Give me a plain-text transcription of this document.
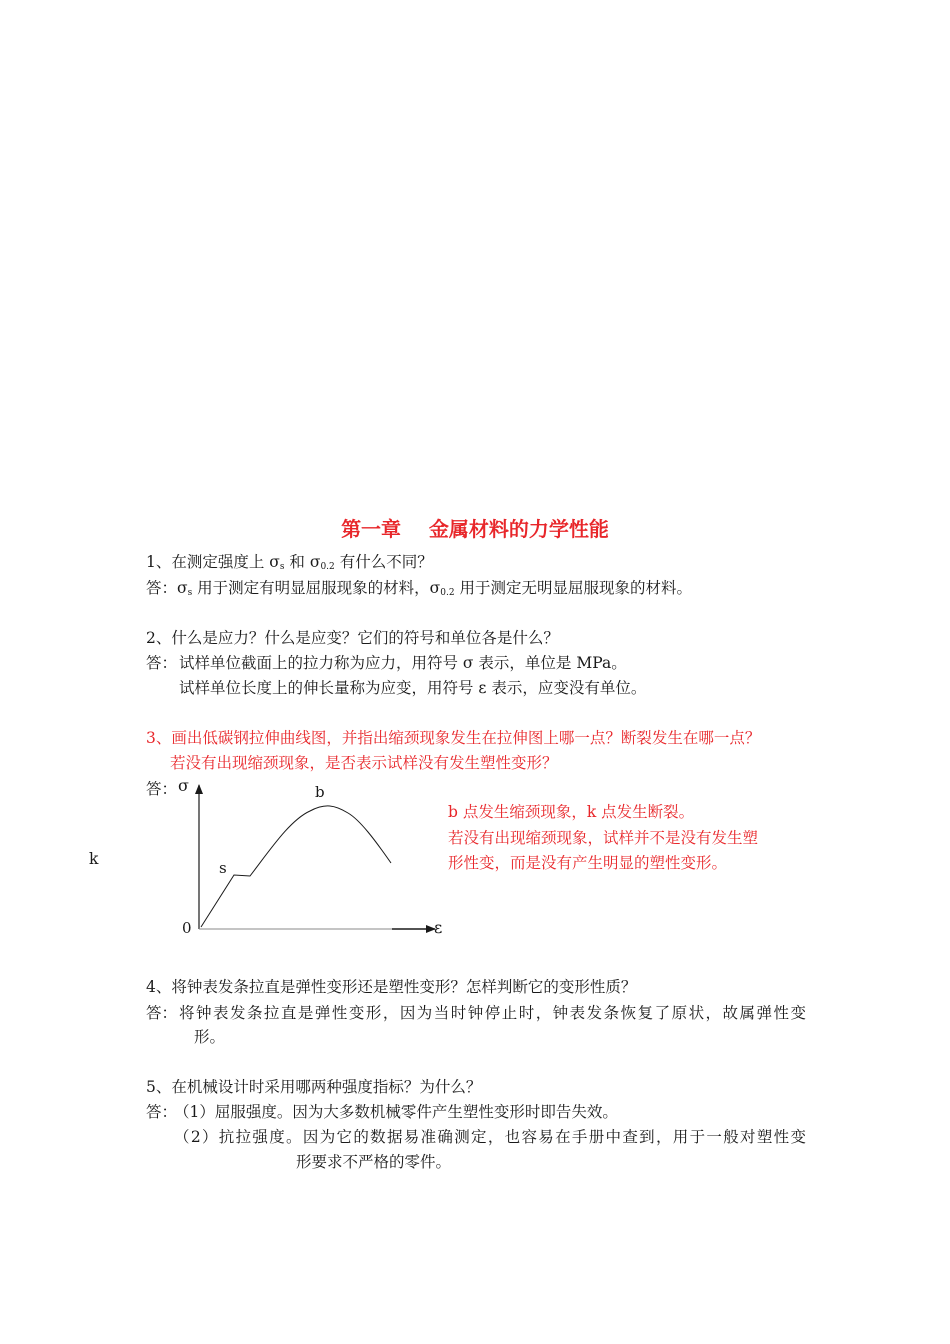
第一章    金属材料的力学性能
1、在测定强度上 $\sigma_s$ 和 $\sigma_{0.2}$ 有什么不同？
答：$\sigma_s$ 用于测定有明显屈服现象的材料，$\sigma_{0.2}$ 用于测定无明显屈服现象的材料。
2、什么是应力？什么是应变？它们的符号和单位各是什么？
答： 试样单位截面上的拉力称为应力，用符号 σ 表示，单位是 MPa。
试样单位长度上的伸长量称为应变，用符号 ε 表示，应变没有单位。
3、画出低碳钢拉伸曲线图，并指出缩颈现象发生在拉伸图上哪一点？断裂发生在哪一点？
若没有出现缩颈现象，是否表示试样没有发生塑性变形？
答： σ
0
s
b
ε
k
b 点发生缩颈现象，k 点发生断裂。
若没有出现缩颈现象，试样并不是没有发生塑
形性变，而是没有产生明显的塑性变形。
4、将钟表发条拉直是弹性变形还是塑性变形？怎样判断它的变形性质？
答： 将钟表发条拉直是弹性变形，因为当时钟停止时，钟表发条恢复了原状，故属弹性变
形。
5、在机械设计时采用哪两种强度指标？为什么？
答：
（1）屈服强度。因为大多数机械零件产生塑性变形时即告失效。
（2）抗拉强度。因为它的数据易准确测定，也容易在手册中查到，用于一般对塑性变
形要求不严格的零件。
